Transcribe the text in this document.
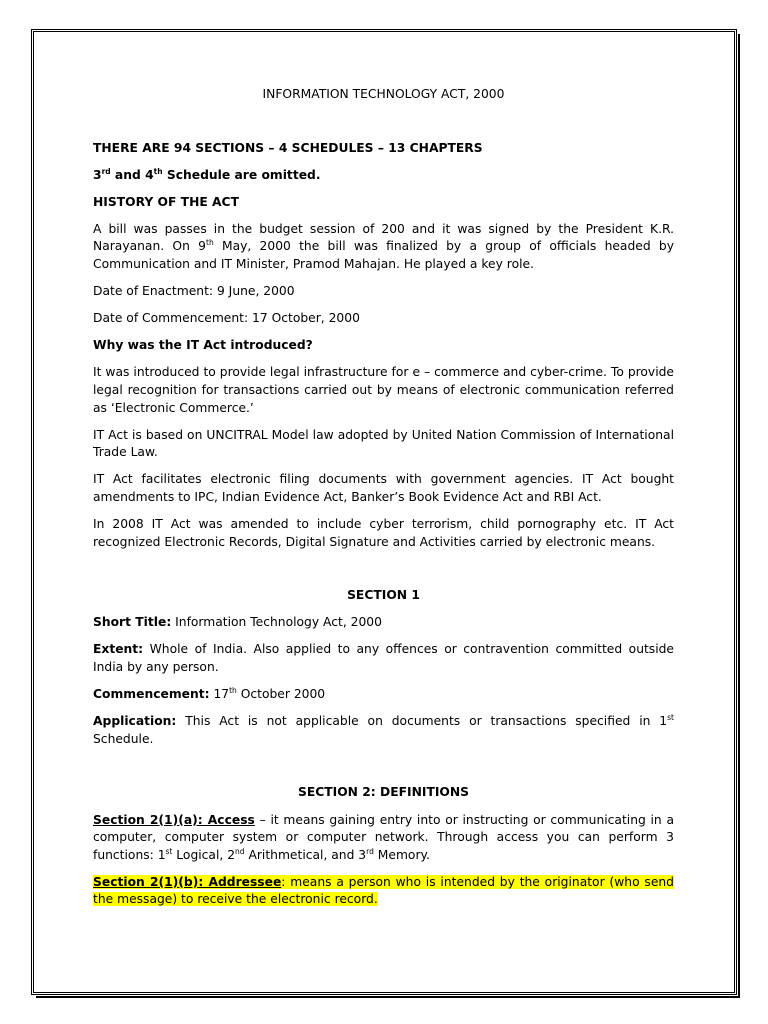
INFORMATION TECHNOLOGY ACT, 2000

THERE ARE 94 SECTIONS – 4 SCHEDULES – 13 CHAPTERS

3rd and 4th Schedule are omitted.

HISTORY OF THE ACT

A bill was passes in the budget session of 200 and it was signed by the President K.R. Narayanan. On 9th May, 2000 the bill was finalized by a group of officials headed by Communication and IT Minister, Pramod Mahajan. He played a key role.

Date of Enactment: 9 June, 2000

Date of Commencement: 17 October, 2000

Why was the IT Act introduced?

It was introduced to provide legal infrastructure for e – commerce and cyber-crime. To provide legal recognition for transactions carried out by means of electronic communication referred as ‘Electronic Commerce.’

IT Act is based on UNCITRAL Model law adopted by United Nation Commission of International Trade Law.

IT Act facilitates electronic filing documents with government agencies. IT Act bought amendments to IPC, Indian Evidence Act, Banker’s Book Evidence Act and RBI Act.

In 2008 IT Act was amended to include cyber terrorism, child pornography etc. IT Act recognized Electronic Records, Digital Signature and Activities carried by electronic means.

SECTION 1

Short Title: Information Technology Act, 2000

Extent: Whole of India. Also applied to any offences or contravention committed outside India by any person.

Commencement: 17th October 2000

Application: This Act is not applicable on documents or transactions specified in 1st Schedule.

SECTION 2: DEFINITIONS

Section 2(1)(a): Access – it means gaining entry into or instructing or communicating in a computer, computer system or computer network. Through access you can perform 3 functions: 1st Logical, 2nd Arithmetical, and 3rd Memory.

Section 2(1)(b): Addressee: means a person who is intended by the originator (who send the message) to receive the electronic record.
